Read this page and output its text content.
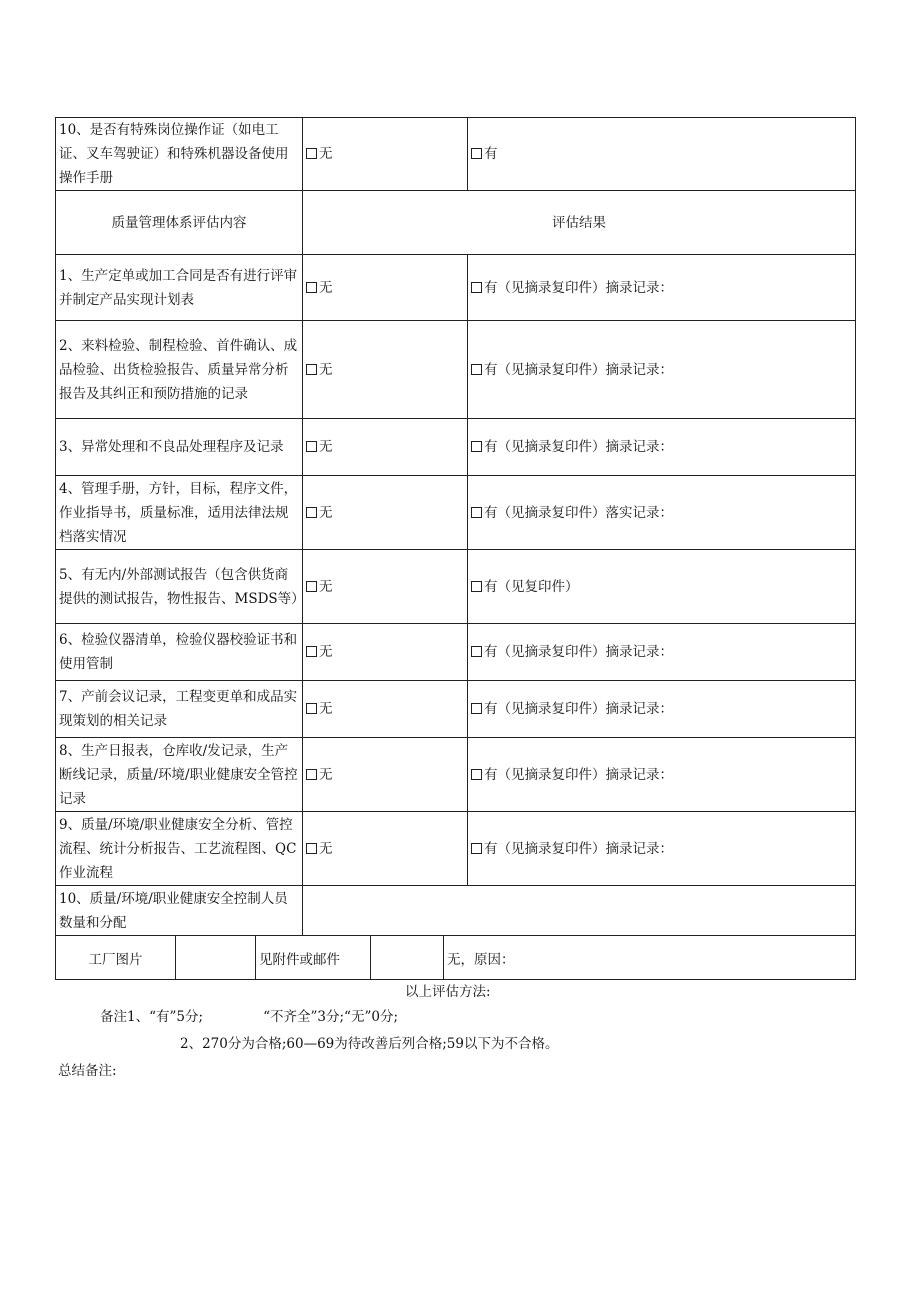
10、是否有特殊岗位操作证（如电工证、叉车驾驶证）和特殊机器设备使用操作手册	无	有
质量管理体系评估内容	评估结果	
1、生产定单或加工合同是否有进行评审并制定产品实现计划表	无	有（见摘录复印件）摘录记录：
2、来料检验、制程检验、首件确认、成品检验、出货检验报告、质量异常分析报告及其纠正和预防措施的记录	无	有（见摘录复印件）摘录记录：
3、异常处理和不良品处理程序及记录	无	有（见摘录复印件）摘录记录：
4、管理手册，方针，目标，程序文件，作业指导书，质量标准，适用法律法规档落实情况	无	有（见摘录复印件）落实记录：
5、有无内/外部测试报告（包含供货商提供的测试报告，物性报告、MSDS等）	无	有（见复印件）
6、检验仪器清单，检验仪器校验证书和使用管制	无	有（见摘录复印件）摘录记录：
7、产前会议记录，工程变更单和成品实现策划的相关记录	无	有（见摘录复印件）摘录记录：
8、生产日报表，仓库收/发记录，生产断线记录，质量/环境/职业健康安全管控记录	无	有（见摘录复印件）摘录记录：
9、质量/环境/职业健康安全分析、管控流程、统计分析报告、工艺流程图、QC作业流程	无	有（见摘录复印件）摘录记录：
10、质量/环境/职业健康安全控制人员数量和分配		
工厂图片		见附件或邮件		无，原因：
以上评估方法:
备注1、“有”5分;              “不齐全”3分;“无”0分;
2、270分为合格;60—69为待改善后列合格;59以下为不合格。
总结备注:
